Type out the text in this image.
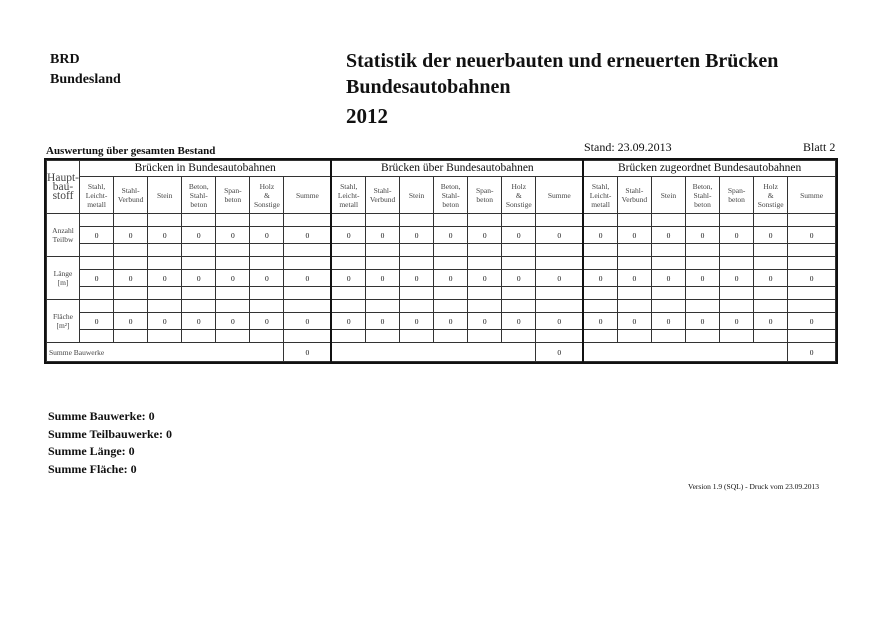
BRD
Bundesland
Statistik der neuerbauten und erneuerten Brücken
Bundesautobahnen
2012
Auswertung über gesamten Bestand	Stand: 23.09.2013	Blatt 2
Haupt-
bau-
stoff	Brücken in Bundesautobahnen							Brücken über Bundesautobahnen							Brücken zugeordnet Bundesautobahnen						
	Stahl,
Leicht-
metall	Stahl-
Verbund	Stein	Beton,
Stahl-
beton	Span-
beton	Holz
&
Sonstige	Summe	Stahl,
Leicht-
metall	Stahl-
Verbund	Stein	Beton,
Stahl-
beton	Span-
beton	Holz
&
Sonstige	Summe	Stahl,
Leicht-
metall	Stahl-
Verbund	Stein	Beton,
Stahl-
beton	Span-
beton	Holz
&
Sonstige	Summe
Anzahl
Teilbw																					
	0	0	0	0	0	0	0	0	0	0	0	0	0	0	0	0	0	0	0	0	0

Länge
[m]																					
	0	0	0	0	0	0	0	0	0	0	0	0	0	0	0	0	0	0	0	0	0

Fläche
[m²]																					
	0	0	0	0	0	0	0	0	0	0	0	0	0	0	0	0	0	0	0	0	0

Summe Bauwerke							0							0							0
Summe Bauwerke: 0
Summe Teilbauwerke: 0
Summe Länge: 0
Summe Fläche: 0
Version 1.9 (SQL) - Druck vom 23.09.2013
